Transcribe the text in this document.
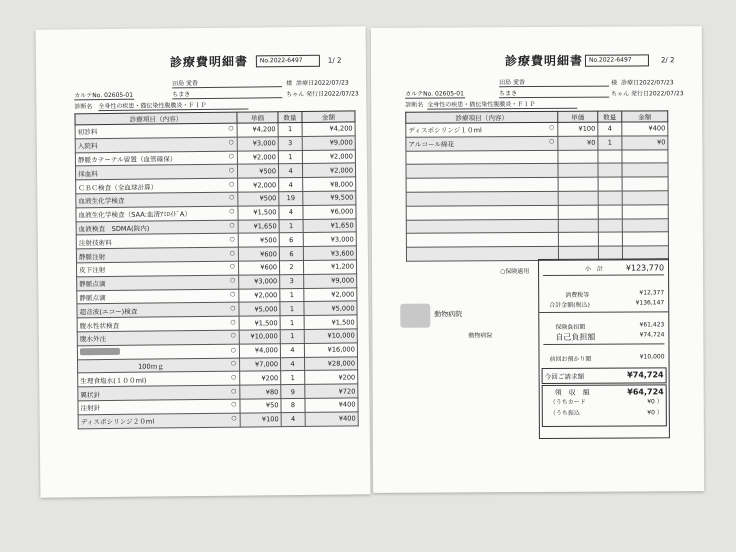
診療費明細書	No.2022-6497	1/ 2
田島 愛香	様 診療日2022/07/23
カルテNo. 02605-01	ちまき	ちゃん 発行日2022/07/23
診断名 全身性の疾患・猫伝染性腹膜炎・ＦＩＰ
診療項目（内容）	単価	数量	金額
初診料 ○	¥4,200	1	¥4,200
入院料 ○	¥3,000	3	¥9,000
静脈カテーテル留置（血管確保） ○	¥2,000	1	¥2,000
採血料 ○	¥500	4	¥2,000
ＣＢＣ検査（全血球計算） ○	¥2,000	4	¥8,000
血液生化学検査 ○	¥500	19	¥9,500
血液生化学検査（SAA:血清ｱﾐﾛｲﾄﾞA） ○	¥1,500	4	¥6,000
血液検査　SDMA(院内) ○	¥1,650	1	¥1,650
注射技術料 ○	¥500	6	¥3,000
静脈注射 ○	¥600	6	¥3,600
皮下注射 ○	¥600	2	¥1,200
静脈点滴 ○	¥3,000	3	¥9,000
静脈点滴 ○	¥2,000	1	¥2,000
超音波(エコー)検査 ○	¥5,000	1	¥5,000
腹水性状検査 ○	¥1,500	1	¥1,500
腹水外注 ○	¥10,000	1	¥10,000

○	¥4,000	4	¥16,000
100ｍｇ ○	¥7,000	4	¥28,000
生理食塩水(１００ml) ○	¥200	1	¥200
翼状針 ○	¥80	9	¥720
注射針 ○	¥50	8	¥400
ディスポシリンジ２０ml ○	¥100	4	¥400
診療費明細書 No.2022-6497	2/ 2
田島 愛香	様 診療日2022/07/23
カルテNo. 02605-01	ちまき	ちゃん 発行日2022/07/23
診断名 全身性の疾患・猫伝染性腹膜炎・ＦＩＰ
診療項目（内容）	単価	数量	金額
ディスポシリンジ１０ml ○	¥100	4	¥400
アルコール綿花 ○	¥0	1	¥0

○保険適用
動物病院
動物病院
小　計	¥123,770
消費税等	¥12,377
合計金額(税込)	¥136,147
保険負担額	¥61,423
自己負担額	¥74,724
前回お預かり額	¥10,000
今回ご請求額	¥74,724
領　収　額	¥64,724
（うちカード	¥0 ）
（うち振込	¥0 ）
